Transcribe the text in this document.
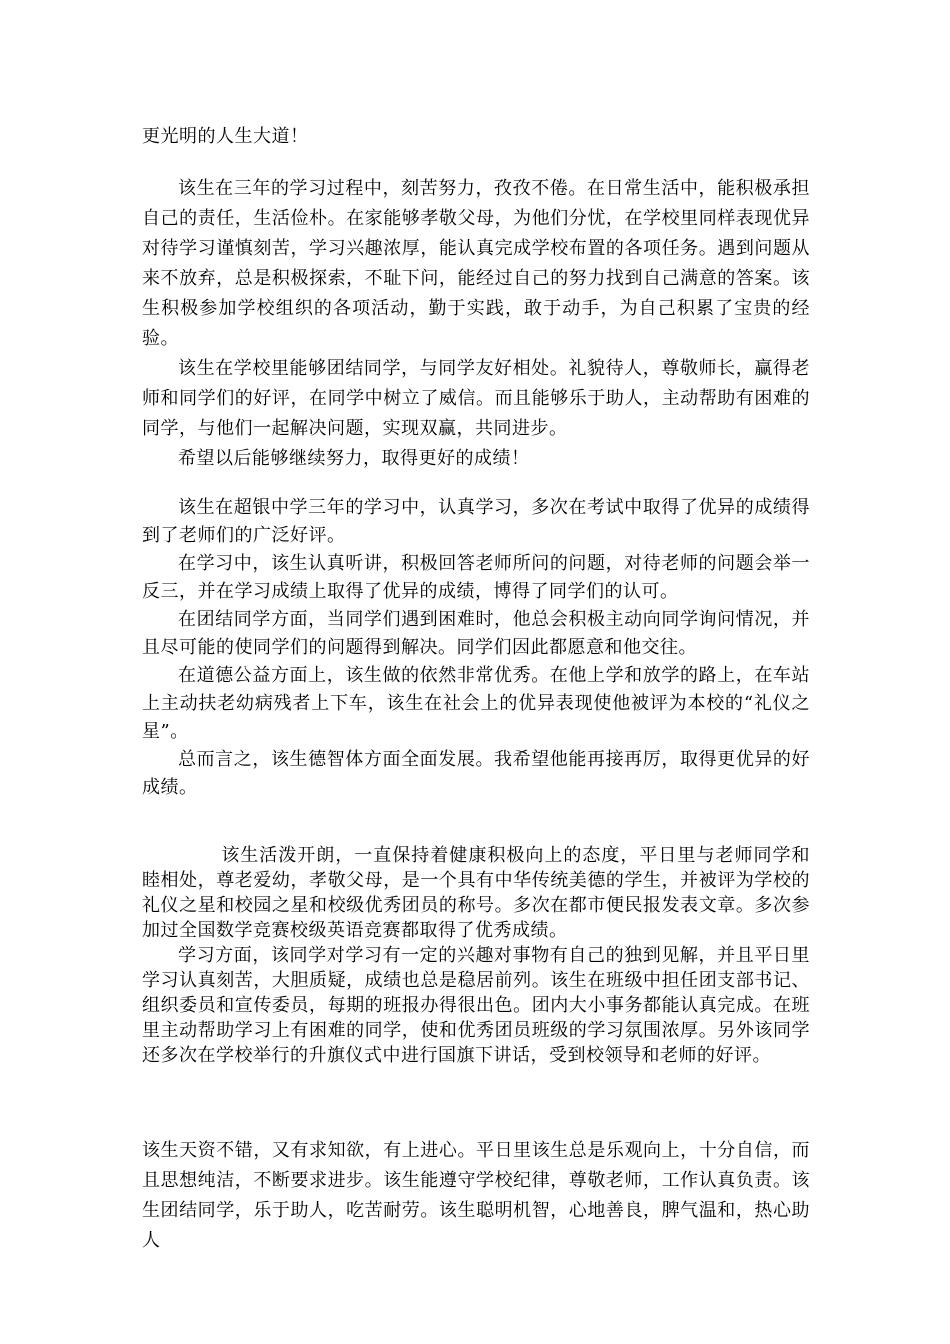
更光明的人生大道！

该生在三年的学习过程中，刻苦努力，孜孜不倦。在日常生活中，能积极承担自己的责任，生活俭朴。在家能够孝敬父母，为他们分忧，在学校里同样表现优异对待学习谨慎刻苦，学习兴趣浓厚，能认真完成学校布置的各项任务。遇到问题从来不放弃，总是积极探索，不耻下问，能经过自己的努力找到自己满意的答案。该生积极参加学校组织的各项活动，勤于实践，敢于动手，为自己积累了宝贵的经验。

该生在学校里能够团结同学，与同学友好相处。礼貌待人，尊敬师长，赢得老师和同学们的好评，在同学中树立了威信。而且能够乐于助人，主动帮助有困难的同学，与他们一起解决问题，实现双赢，共同进步。

希望以后能够继续努力，取得更好的成绩！

该生在超银中学三年的学习中，认真学习，多次在考试中取得了优异的成绩得到了老师们的广泛好评。

在学习中，该生认真听讲，积极回答老师所问的问题，对待老师的问题会举一反三，并在学习成绩上取得了优异的成绩，博得了同学们的认可。

在团结同学方面，当同学们遇到困难时，他总会积极主动向同学询问情况，并且尽可能的使同学们的问题得到解决。同学们因此都愿意和他交往。

在道德公益方面上，该生做的依然非常优秀。在他上学和放学的路上，在车站上主动扶老幼病残者上下车，该生在社会上的优异表现使他被评为本校的“礼仪之星”。

总而言之，该生德智体方面全面发展。我希望他能再接再厉，取得更优异的好成绩。

该生活泼开朗，一直保持着健康积极向上的态度，平日里与老师同学和睦相处，尊老爱幼，孝敬父母，是一个具有中华传统美德的学生，并被评为学校的礼仪之星和校园之星和校级优秀团员的称号。多次在都市便民报发表文章。多次参加过全国数学竞赛校级英语竞赛都取得了优秀成绩。

学习方面，该同学对学习有一定的兴趣对事物有自己的独到见解，并且平日里学习认真刻苦，大胆质疑，成绩也总是稳居前列。该生在班级中担任团支部书记、组织委员和宣传委员，每期的班报办得很出色。团内大小事务都能认真完成。在班里主动帮助学习上有困难的同学，使和优秀团员班级的学习氛围浓厚。另外该同学还多次在学校举行的升旗仪式中进行国旗下讲话，受到校领导和老师的好评。

该生天资不错，又有求知欲，有上进心。平日里该生总是乐观向上，十分自信，而且思想纯洁，不断要求进步。该生能遵守学校纪律，尊敬老师，工作认真负责。该生团结同学，乐于助人，吃苦耐劳。该生聪明机智，心地善良，脾气温和，热心助人
